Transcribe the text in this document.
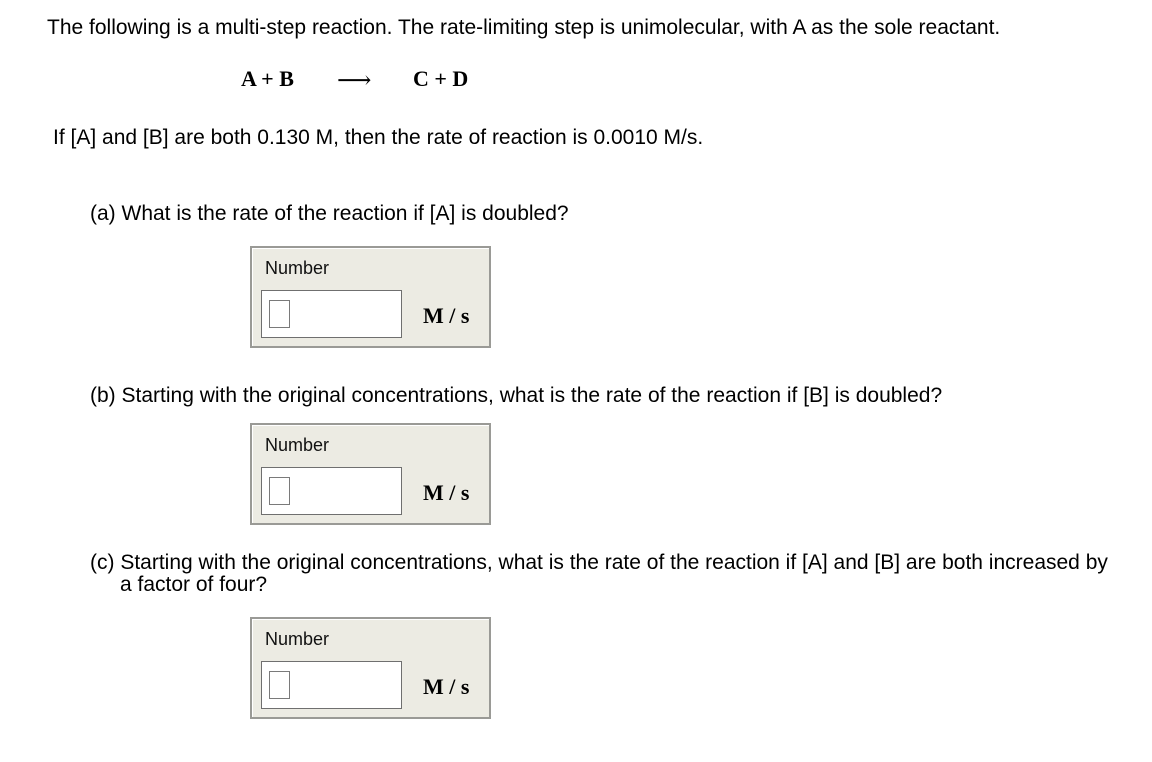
The following is a multi-step reaction. The rate-limiting step is unimolecular, with A as the sole reactant.
A + B ⟶ C + D
If [A] and [B] are both 0.130 M, then the rate of reaction is 0.0010 M/s.
(a) What is the rate of the reaction if [A] is doubled?
Number
M / s
(b) Starting with the original concentrations, what is the rate of the reaction if [B] is doubled?
Number
M / s
(c) Starting with the original concentrations, what is the rate of the reaction if [A] and [B] are both increased by a factor of four?
Number
M / s
